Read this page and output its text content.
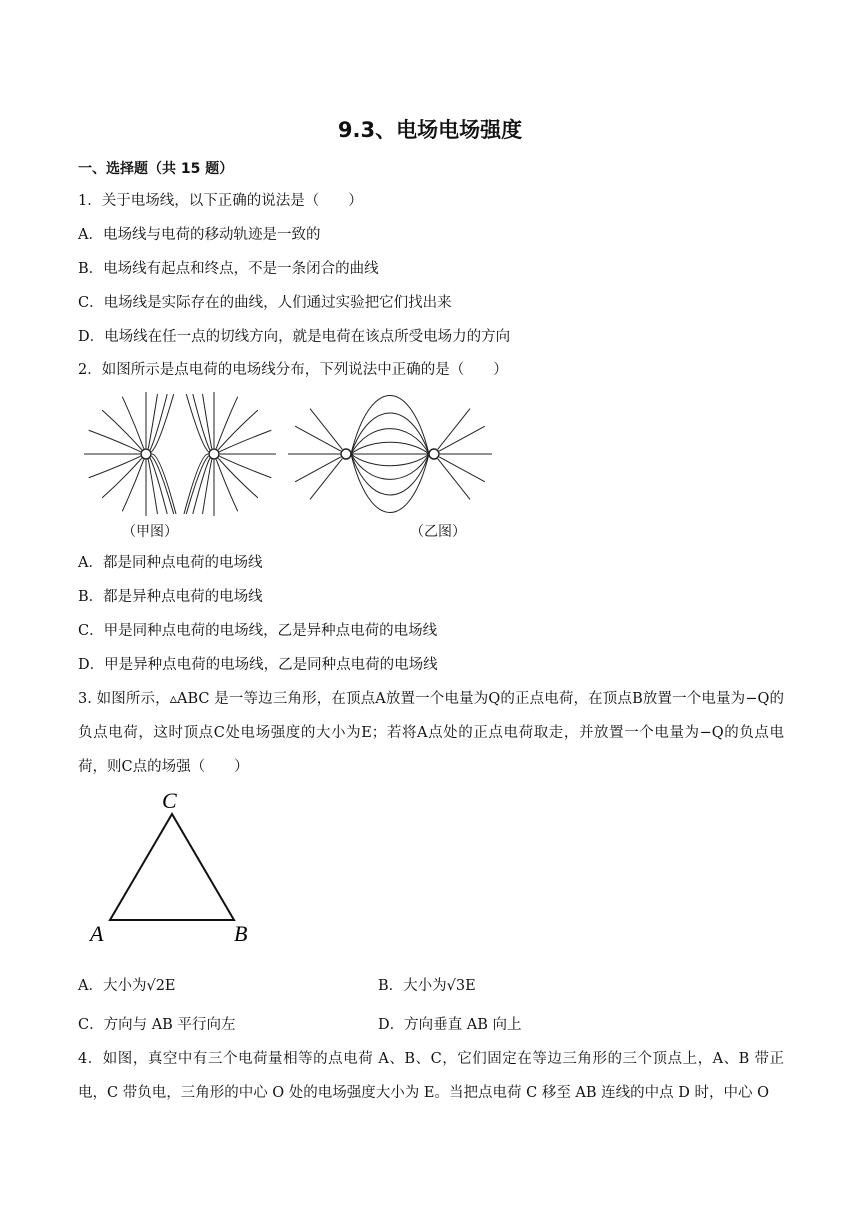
9.3、电场电场强度
一、选择题（共 15 题）
1．关于电场线，以下正确的说法是（　　）
A．电场线与电荷的移动轨迹是一致的
B．电场线有起点和终点，不是一条闭合的曲线
C．电场线是实际存在的曲线，人们通过实验把它们找出来
D．电场线在任一点的切线方向，就是电荷在该点所受电场力的方向
2．如图所示是点电荷的电场线分布，下列说法中正确的是（　　）
（甲图）	（乙图）
A．都是同种点电荷的电场线
B．都是异种点电荷的电场线
C．甲是同种点电荷的电场线，乙是异种点电荷的电场线
D．甲是异种点电荷的电场线，乙是同种点电荷的电场线
3. 如图所示，▵ABC 是一等边三角形，在顶点A放置一个电量为Q的正点电荷，在顶点B放置一个电量为−Q的负点电荷，这时顶点C处电场强度的大小为E；若将A点处的正点电荷取走，并放置一个电量为−Q的负点电荷，则C点的场强（　　）
C
A	B
A．大小为√2E	B．大小为√3E
C．方向与 AB 平行向左	D．方向垂直 AB 向上
4．如图，真空中有三个电荷量相等的点电荷 A、B、C，它们固定在等边三角形的三个顶点上，A、B 带正电，C 带负电，三角形的中心 O 处的电场强度大小为 E。当把点电荷 C 移至 AB 连线的中点 D 时，中心 O
